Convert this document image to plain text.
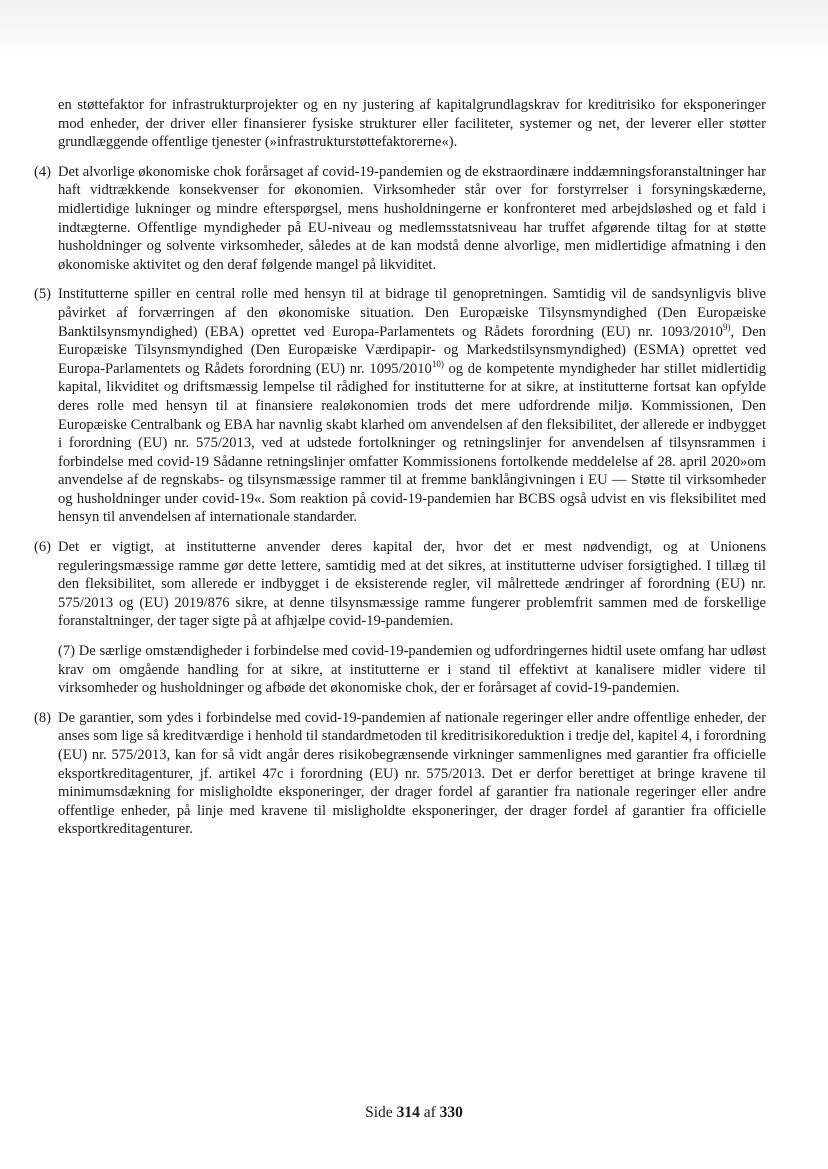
en støttefaktor for infrastrukturprojekter og en ny justering af kapitalgrundlagskrav for kreditrisiko for eksponeringer mod enheder, der driver eller finansierer fysiske strukturer eller faciliteter, systemer og net, der leverer eller støtter grundlæggende offentlige tjenester (»infrastrukturstøttefaktorerne«).

(4) Det alvorlige økonomiske chok forårsaget af covid-19-pandemien og de ekstraordinære inddæmningsforanstaltninger har haft vidtrækkende konsekvenser for økonomien. Virksomheder står over for forstyrrelser i forsyningskæderne, midlertidige lukninger og mindre efterspørgsel, mens husholdningerne er konfronteret med arbejdsløshed og et fald i indtægterne. Offentlige myndigheder på EU-niveau og medlemsstatsniveau har truffet afgørende tiltag for at støtte husholdninger og solvente virksomheder, således at de kan modstå denne alvorlige, men midlertidige afmatning i den økonomiske aktivitet og den deraf følgende mangel på likviditet.

(5) Institutterne spiller en central rolle med hensyn til at bidrage til genopretningen. Samtidig vil de sandsynligvis blive påvirket af forværringen af den økonomiske situation. Den Europæiske Tilsynsmyndighed (Den Europæiske Banktilsynsmyndighed) (EBA) oprettet ved Europa-Parlamentets og Rådets forordning (EU) nr. 1093/2010$^{9)}$, Den Europæiske Tilsynsmyndighed (Den Europæiske Værdipapir- og Markedstilsynsmyndighed) (ESMA) oprettet ved Europa-Parlamentets og Rådets forordning (EU) nr. 1095/2010$^{10)}$ og de kompetente myndigheder har stillet midlertidig kapital, likviditet og driftsmæssig lempelse til rådighed for institutterne for at sikre, at institutterne fortsat kan opfylde deres rolle med hensyn til at finansiere realøkonomien trods det mere udfordrende miljø. Kommissionen, Den Europæiske Centralbank og EBA har navnlig skabt klarhed om anvendelsen af den fleksibilitet, der allerede er indbygget i forordning (EU) nr. 575/2013, ved at udstede fortolkninger og retningslinjer for anvendelsen af tilsynsrammen i forbindelse med covid-19 Sådanne retningslinjer omfatter Kommissionens fortolkende meddelelse af 28. april 2020»om anvendelse af de regnskabs- og tilsynsmæssige rammer til at fremme banklångivningen i EU — Støtte til virksomheder og husholdninger under covid-19«. Som reaktion på covid-19-pandemien har BCBS også udvist en vis fleksibilitet med hensyn til anvendelsen af internationale standarder.

(6) Det er vigtigt, at institutterne anvender deres kapital der, hvor det er mest nødvendigt, og at Unionens reguleringsmæssige ramme gør dette lettere, samtidig med at det sikres, at institutterne udviser forsigtighed. I tillæg til den fleksibilitet, som allerede er indbygget i de eksisterende regler, vil målrettede ændringer af forordning (EU) nr. 575/2013 og (EU) 2019/876 sikre, at denne tilsynsmæssige ramme fungerer problemfrit sammen med de forskellige foranstaltninger, der tager sigte på at afhjælpe covid-19-pandemien.

(7) De særlige omstændigheder i forbindelse med covid-19-pandemien og udfordringernes hidtil usete omfang har udløst krav om omgående handling for at sikre, at institutterne er i stand til effektivt at kanalisere midler videre til virksomheder og husholdninger og afbøde det økonomiske chok, der er forårsaget af covid-19-pandemien.

(8) De garantier, som ydes i forbindelse med covid-19-pandemien af nationale regeringer eller andre offentlige enheder, der anses som lige så kreditværdige i henhold til standardmetoden til kreditrisikoreduktion i tredje del, kapitel 4, i forordning (EU) nr. 575/2013, kan for så vidt angår deres risikobegrænsende virkninger sammenlignes med garantier fra officielle eksportkreditagenturer, jf. artikel 47c i forordning (EU) nr. 575/2013. Det er derfor berettiget at bringe kravene til minimumsdækning for misligholdte eksponeringer, der drager fordel af garantier fra nationale regeringer eller andre offentlige enheder, på linje med kravene til misligholdte eksponeringer, der drager fordel af garantier fra officielle eksportkreditagenturer.

Side 314 af 330
